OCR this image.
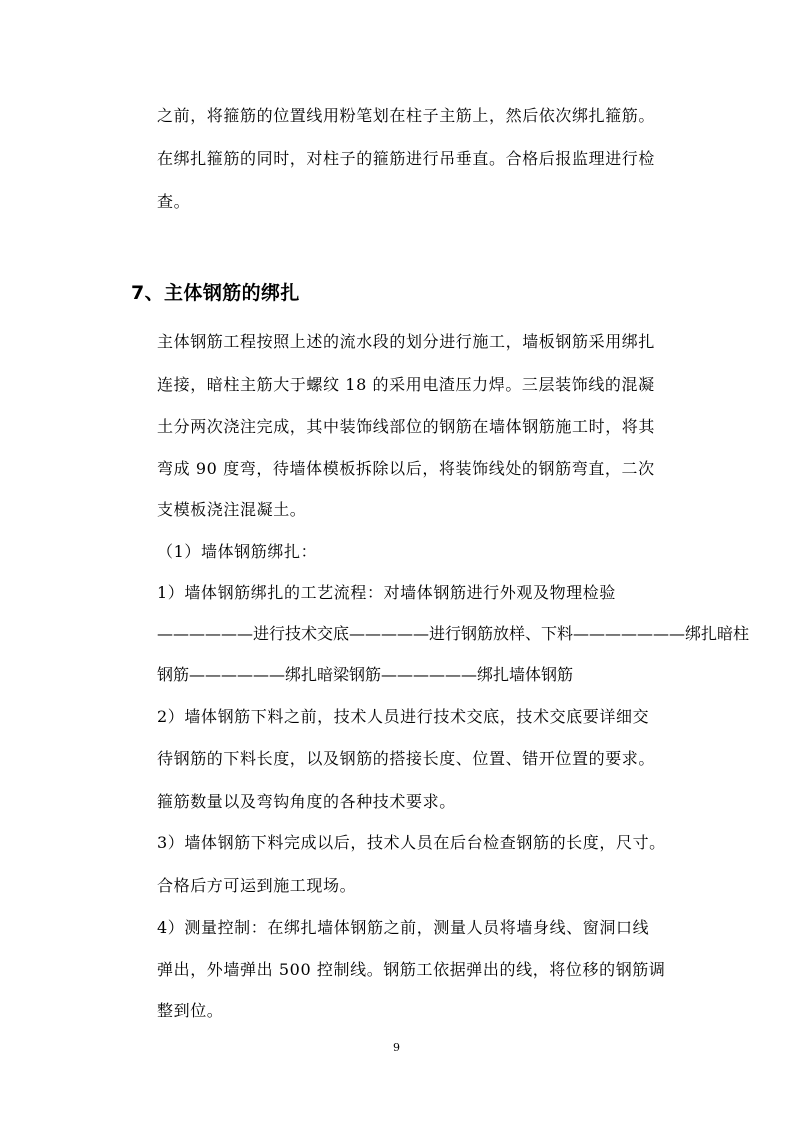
之前，将箍筋的位置线用粉笔划在柱子主筋上，然后依次绑扎箍筋。
在绑扎箍筋的同时，对柱子的箍筋进行吊垂直。合格后报监理进行检
查。
7、主体钢筋的绑扎
主体钢筋工程按照上述的流水段的划分进行施工，墙板钢筋采用绑扎
连接，暗柱主筋大于螺纹 18 的采用电渣压力焊。三层装饰线的混凝
土分两次浇注完成，其中装饰线部位的钢筋在墙体钢筋施工时，将其
弯成 90 度弯，待墙体模板拆除以后，将装饰线处的钢筋弯直，二次
支模板浇注混凝土。
（1）墙体钢筋绑扎：
1）墙体钢筋绑扎的工艺流程：对墙体钢筋进行外观及物理检验
——————进行技术交底—————进行钢筋放样、下料———————绑扎暗柱
钢筋——————绑扎暗梁钢筋——————绑扎墙体钢筋
2）墙体钢筋下料之前，技术人员进行技术交底，技术交底要详细交
待钢筋的下料长度，以及钢筋的搭接长度、位置、错开位置的要求。
箍筋数量以及弯钩角度的各种技术要求。
3）墙体钢筋下料完成以后，技术人员在后台检查钢筋的长度，尺寸。
合格后方可运到施工现场。
4）测量控制：在绑扎墙体钢筋之前，测量人员将墙身线、窗洞口线
弹出，外墙弹出 500 控制线。钢筋工依据弹出的线，将位移的钢筋调
整到位。
9
